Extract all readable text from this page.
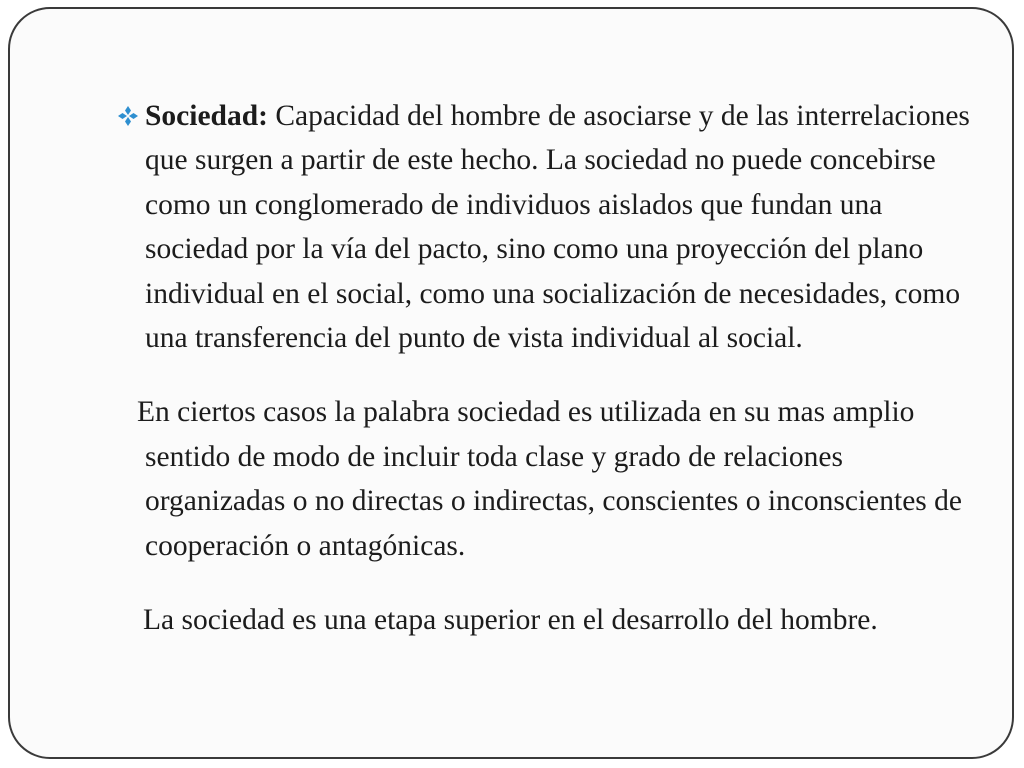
Sociedad: Capacidad del hombre de asociarse y de las interrelaciones que surgen a partir de este hecho. La sociedad no puede concebirse como un conglomerado de individuos aislados que fundan una sociedad por la vía del pacto, sino como una proyección del plano individual en el social, como una socialización de necesidades, como una transferencia del punto de vista individual al social.

En ciertos casos la palabra sociedad es utilizada en su mas amplio sentido de modo de incluir toda clase y grado de relaciones organizadas o no directas o indirectas, conscientes o inconscientes de cooperación o antagónicas.

La sociedad es una etapa superior en el desarrollo del hombre.
